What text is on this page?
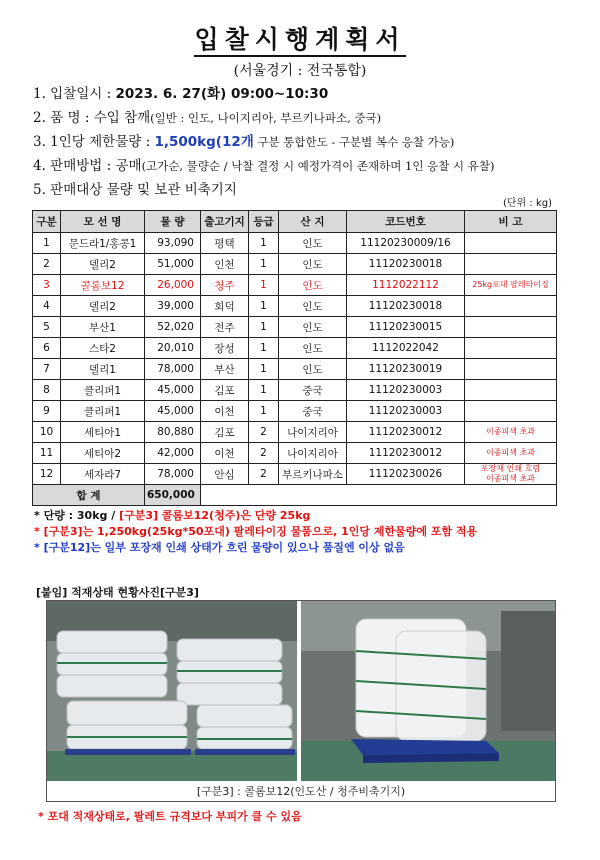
입찰시행계획서
(서울경기 : 전국통합)
1. 입찰일시 : 2023. 6. 27(화) 09:00~10:30
2. 품 명 : 수입 참깨(일반 : 인도, 나이지리아, 부르키나파소, 중국)
3. 1인당 제한물량 : 1,500kg(12개 구분 통합한도 - 구분별 복수 응찰 가능)
4. 판매방법 : 공매(고가순, 물량순 / 낙찰 결정 시 예정가격이 존재하며 1인 응찰 시 유찰)
5. 판매대상 물량 및 보관 비축기지
(단위 : kg)
구분	모 선 명	물 량	출고기지	등급	산 지	코드번호	비 고
1	문드라1/홍콩1	93,090	평택	1	인도	11120230009/16	
2	델리2	51,000	인천	1	인도	11120230018	
3	콜롬보12	26,000	청주	1	인도	1112022112	25kg포대 팔레타이징
4	델리2	39,000	회덕	1	인도	11120230018	
5	부산1	52,020	전주	1	인도	11120230015	
6	스타2	20,010	장성	1	인도	1112022042	
7	델리1	78,000	부산	1	인도	11120230019	
8	클리퍼1	45,000	김포	1	중국	11120230003	
9	클리퍼1	45,000	이천	1	중국	11120230003	
10	세티아1	80,880	김포	2	나이지리아	11120230012	이종피색 초과
11	세티아2	42,000	이천	2	나이지리아	11120230012	이종피색 초과
12	세자라7	78,000	안심	2	부르키나파소	11120230026	포장재 인쇄 흐림
이종피색 초과
합 계		650,000					
* 단량 : 30kg / [구분3] 콜롬보12(청주)은 단량 25kg
* [구분3]는 1,250kg(25kg*50포대) 팔레타이징 물품으로, 1인당 제한물량에 포함 적용
* [구분12]는 일부 포장재 인쇄 상태가 흐린 물량이 있으나 품질엔 이상 없음
[붙임] 적재상태 현황사진[구분3]
[구분3] : 콜롬보12(인도산 / 청주비축기지)
* 포대 적재상태로, 팔레트 규격보다 부피가 클 수 있음
